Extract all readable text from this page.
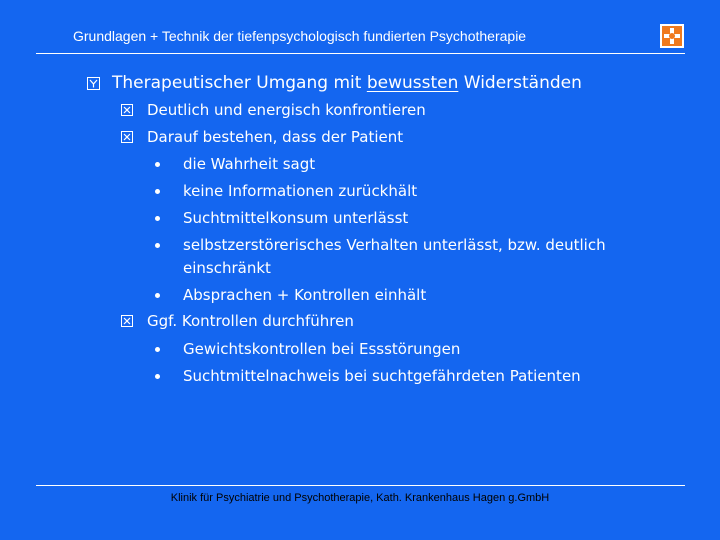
Grundlagen + Technik der tiefenpsychologisch fundierten Psychotherapie
Therapeutischer Umgang mit bewussten Widerständen
Deutlich und energisch konfrontieren
Darauf bestehen, dass der Patient
die Wahrheit sagt
keine Informationen zurückhält
Suchtmittelkonsum unterlässt
selbstzerstörerisches Verhalten unterlässt, bzw. deutlich einschränkt
Absprachen + Kontrollen einhält
Ggf. Kontrollen durchführen
Gewichtskontrollen bei Essstörungen
Suchtmittelnachweis bei suchtgefährdeten Patienten
Klinik für Psychiatrie und Psychotherapie, Kath. Krankenhaus Hagen g.GmbH
